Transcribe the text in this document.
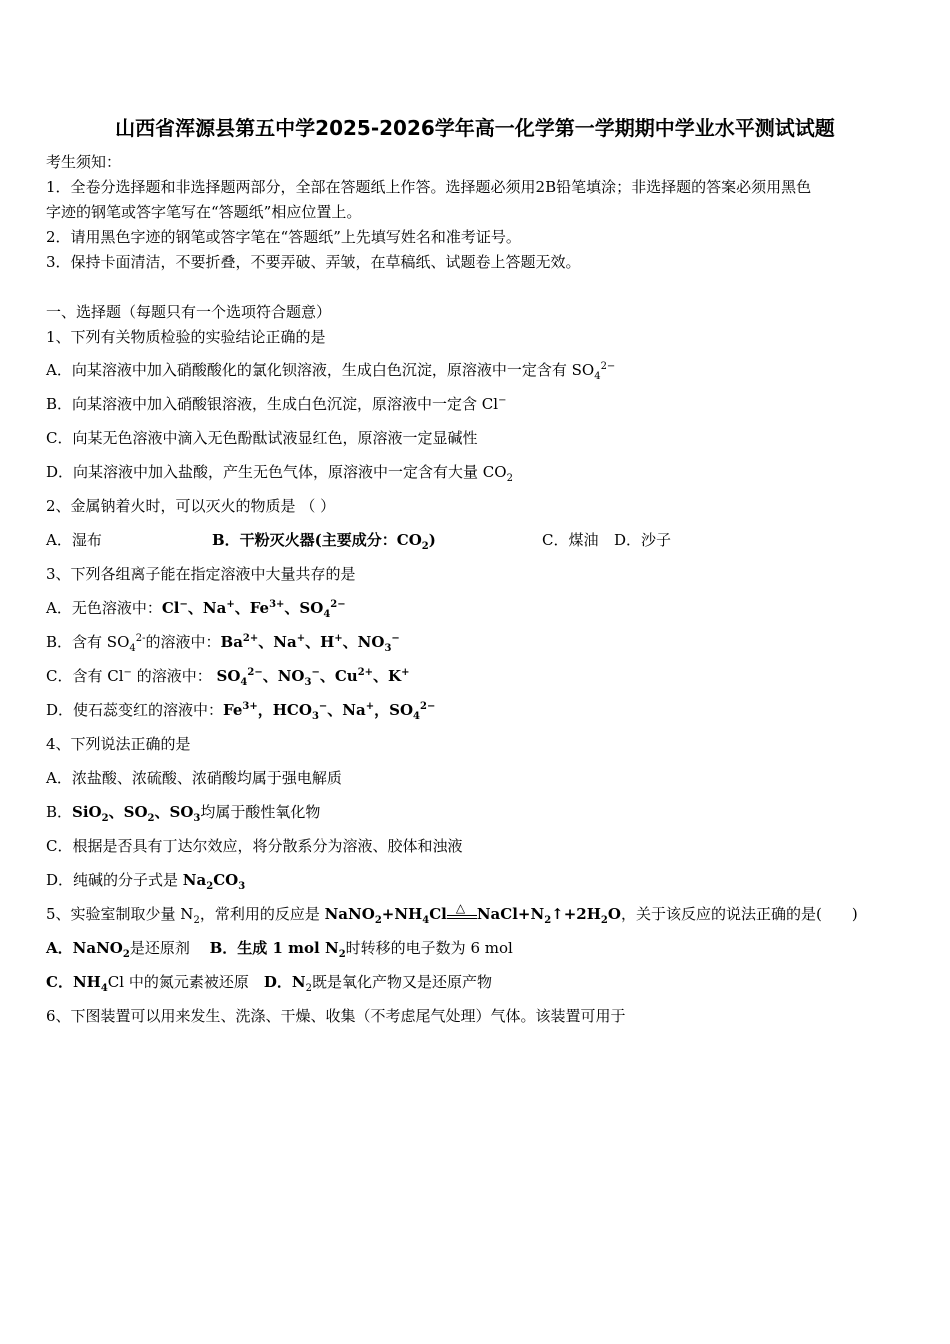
山西省浑源县第五中学2025-2026学年高一化学第一学期期中学业水平测试试题
考生须知：
1．全卷分选择题和非选择题两部分，全部在答题纸上作答。选择题必须用2B铅笔填涂；非选择题的答案必须用黑色
字迹的钢笔或答字笔写在“答题纸”相应位置上。
2．请用黑色字迹的钢笔或答字笔在“答题纸”上先填写姓名和准考证号。
3．保持卡面清洁，不要折叠，不要弄破、弄皱，在草稿纸、试题卷上答题无效。
一、选择题（每题只有一个选项符合题意）
1、下列有关物质检验的实验结论正确的是
A．向某溶液中加入硝酸酸化的氯化钡溶液，生成白色沉淀，原溶液中一定含有 $SO_4^{2-}$
B．向某溶液中加入硝酸银溶液，生成白色沉淀，原溶液中一定含 Cl−
C．向某无色溶液中滴入无色酚酞试液显红色，原溶液一定显碱性
D．向某溶液中加入盐酸，产生无色气体，原溶液中一定含有大量 $CO_2$
2、金属钠着火时，可以灭火的物质是 （ ）
A．湿布	B．干粉灭火器(主要成分：$CO_2$)	C．煤油 D．沙子
3、下列各组离子能在指定溶液中大量共存的是
A．无色溶液中：Cl−、Na+、$Fe^{3+}$、$SO_4^{2-}$
B．含有 $SO_4^{2-}$的溶液中：$Ba^{2+}$、Na+、H+、$NO_3^-$
C．含有 Cl− 的溶液中： $SO_4^{2-}$、$NO_3^-$、$Cu^{2+}$、K+
D．使石蕊变红的溶液中：$Fe^{3+}$，$HCO_3^-$、Na+，$SO_4^{2-}$
4、下列说法正确的是
A．浓盐酸、浓硫酸、浓硝酸均属于强电解质
B．SiO$_2$、$SO_2$、$SO_3$均属于酸性氧化物
C．根据是否具有丁达尔效应，将分散系分为溶液、胶体和浊液
D．纯碱的分子式是 $Na_2CO_3$
5、实验室制取少量 $N_2$，常利用的反应是 $NaNO_2+NH_4Cl$ △ $NaCl+N_2↑+2H_2O$，关于该反应的说法正确的是(　　)
A．NaNO$_2$是还原剂　 B．生成 1 mol $N_2$时转移的电子数为 6 mol
C．$NH_4Cl$ 中的氮元素被还原　 D．$N_2$既是氧化产物又是还原产物
6、下图装置可以用来发生、洗涤、干燥、收集（不考虑尾气处理）气体。该装置可用于
